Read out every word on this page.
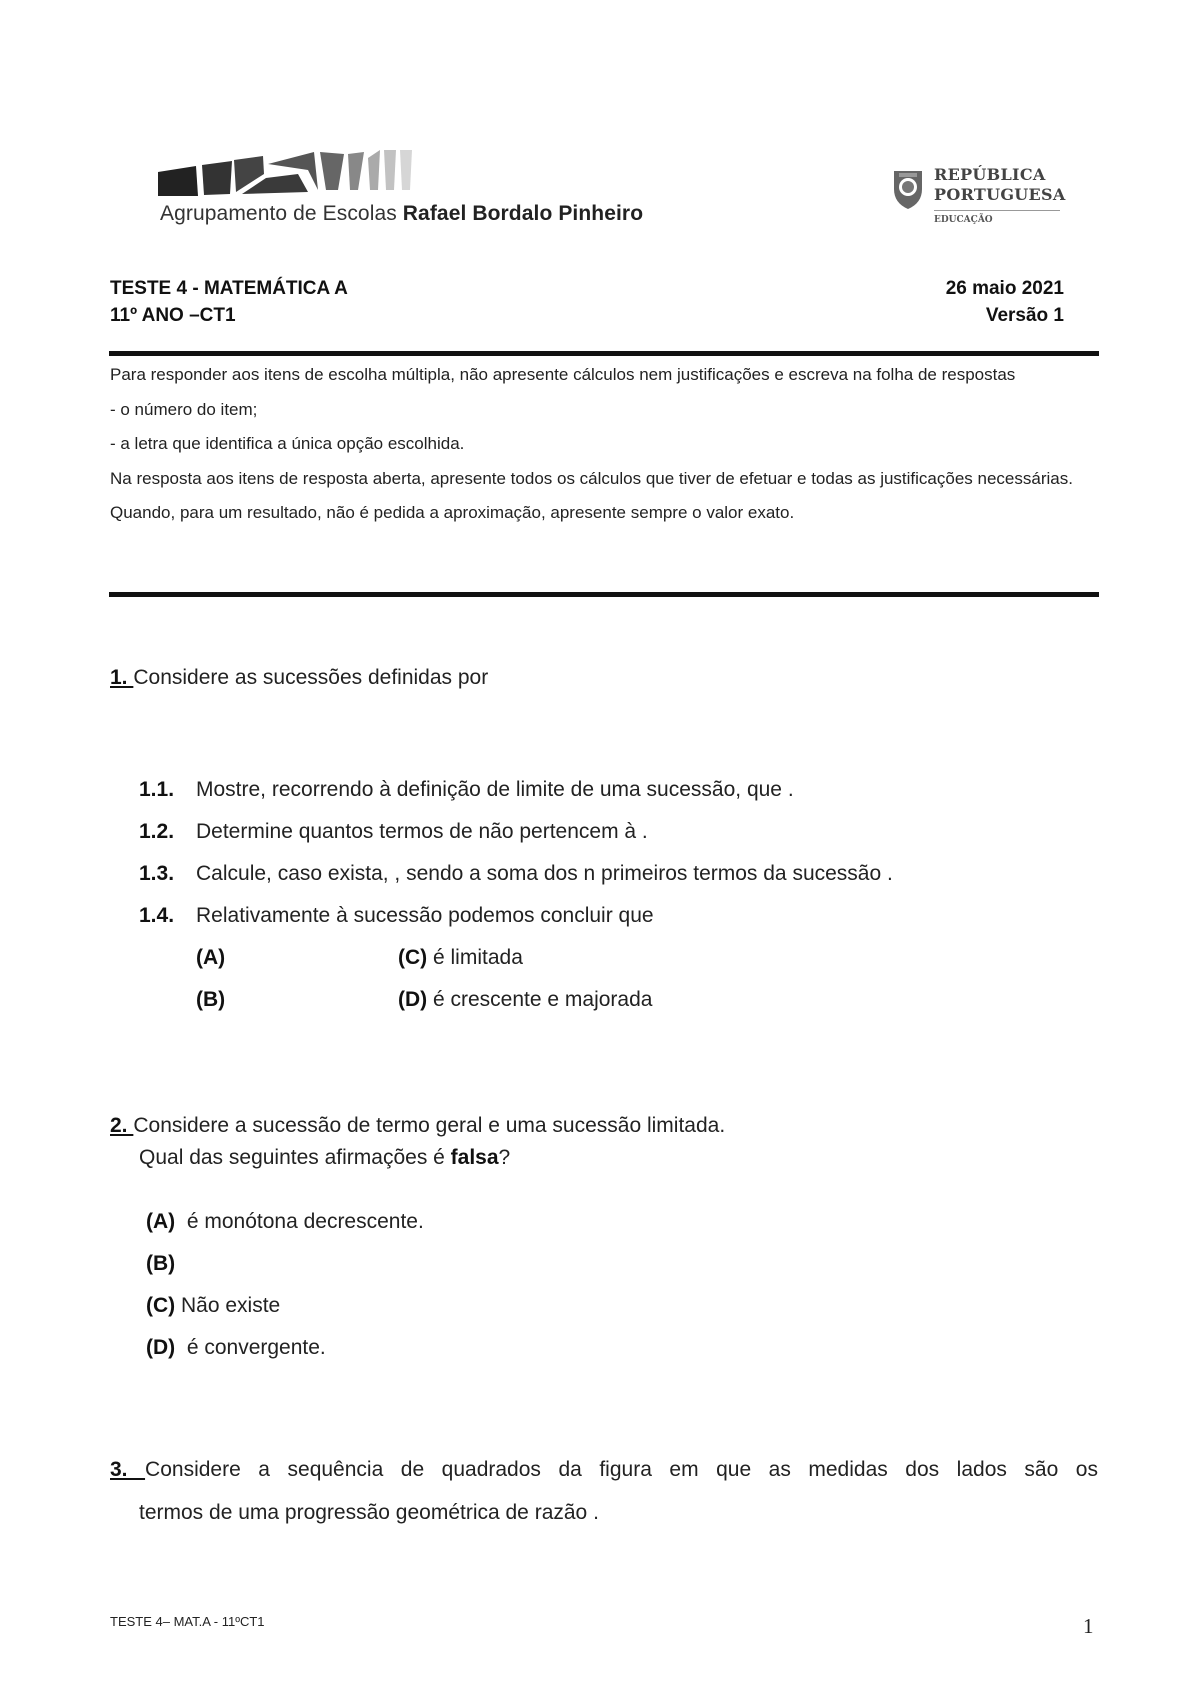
Agrupamento de Escolas Rafael Bordalo Pinheiro
REPÚBLICA
PORTUGUESA
EDUCAÇÃO
TESTE 4 - MATEMÁTICA A	26 maio 2021
11º ANO –CT1	Versão 1

Para responder aos itens de escolha múltipla, não apresente cálculos nem justificações e escreva na folha de respostas

- o número do item;

- a letra que identifica a única opção escolhida.

Na resposta aos itens de resposta aberta, apresente todos os cálculos que tiver de efetuar e todas as justificações necessárias.

Quando, para um resultado, não é pedida a aproximação, apresente sempre o valor exato.

1. Considere as sucessões definidas por
1.1. Mostre, recorrendo à definição de limite de uma sucessão, que .
1.2. Determine quantos termos de não pertencem à .
1.3. Calcule, caso exista, , sendo a soma dos n primeiros termos da sucessão .
1.4. Relativamente à sucessão podemos concluir que
(A)	(C) é limitada
(B)	(D) é crescente e majorada
2. Considere a sucessão de termo geral e uma sucessão limitada.
Qual das seguintes afirmações é falsa?
(A) é monótona decrescente.
(B)
(C) Não existe
(D) é convergente.

3. Considere a sequência de quadrados da figura em que as medidas dos lados são os

termos de uma progressão geométrica de razão .

TESTE 4– MAT.A - 11ºCT1	1
